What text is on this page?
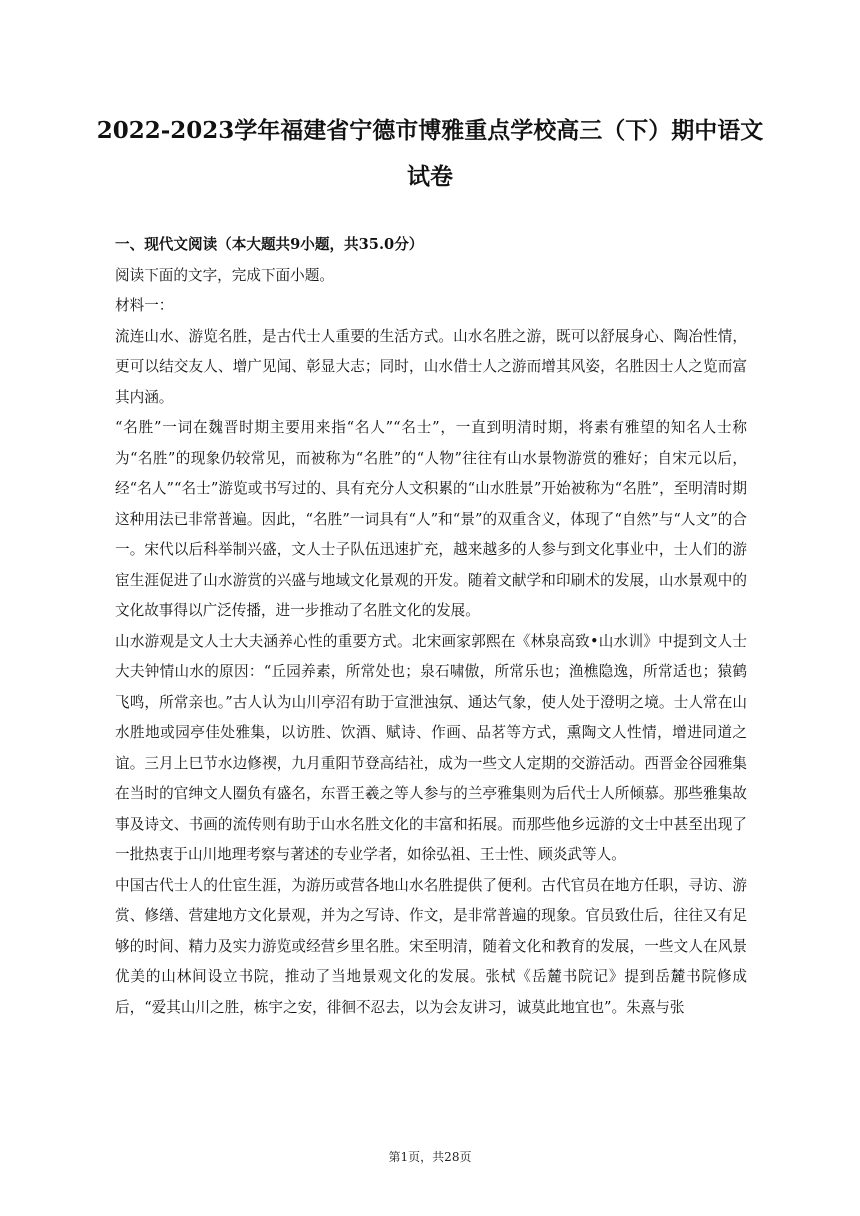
2022-2023学年福建省宁德市博雅重点学校高三（下）期中语文试卷

一、现代文阅读（本大题共9小题，共35.0分）

阅读下面的文字，完成下面小题。

材料一：

流连山水、游览名胜，是古代士人重要的生活方式。山水名胜之游，既可以舒展身心、陶冶性情，更可以结交友人、增广见闻、彰显大志；同时，山水借士人之游而增其风姿，名胜因士人之览而富其内涵。

“名胜”一词在魏晋时期主要用来指“名人”“名士”，一直到明清时期，将素有雅望的知名人士称为“名胜”的现象仍较常见，而被称为“名胜”的“人物”往往有山水景物游赏的雅好；自宋元以后，经“名人”“名士”游览或书写过的、具有充分人文积累的“山水胜景”开始被称为“名胜”，至明清时期这种用法已非常普遍。因此，“名胜”一词具有“人”和“景”的双重含义，体现了“自然”与“人文”的合一。宋代以后科举制兴盛，文人士子队伍迅速扩充，越来越多的人参与到文化事业中，士人们的游宦生涯促进了山水游赏的兴盛与地域文化景观的开发。随着文献学和印刷术的发展，山水景观中的文化故事得以广泛传播，进一步推动了名胜文化的发展。

山水游观是文人士大夫涵养心性的重要方式。北宋画家郭熙在《林泉高致•山水训》中提到文人士大夫钟情山水的原因：“丘园养素，所常处也；泉石啸傲，所常乐也；渔樵隐逸，所常适也；猿鹤飞鸣，所常亲也。”古人认为山川亭沼有助于宣泄浊氛、通达气象，使人处于澄明之境。士人常在山水胜地或园亭佳处雅集，以访胜、饮酒、赋诗、作画、品茗等方式，熏陶文人性情，增进同道之谊。三月上巳节水边修禊，九月重阳节登高结社，成为一些文人定期的交游活动。西晋金谷园雅集在当时的官绅文人圈负有盛名，东晋王羲之等人参与的兰亭雅集则为后代士人所倾慕。那些雅集故事及诗文、书画的流传则有助于山水名胜文化的丰富和拓展。而那些他乡远游的文士中甚至出现了一批热衷于山川地理考察与著述的专业学者，如徐弘祖、王士性、顾炎武等人。

中国古代士人的仕宦生涯，为游历或营各地山水名胜提供了便利。古代官员在地方任职，寻访、游赏、修缮、营建地方文化景观，并为之写诗、作文，是非常普遍的现象。官员致仕后，往往又有足够的时间、精力及实力游览或经营乡里名胜。宋至明清，随着文化和教育的发展，一些文人在风景优美的山林间设立书院，推动了当地景观文化的发展。张栻《岳麓书院记》提到岳麓书院修成后，“爱其山川之胜，栋宇之安，徘徊不忍去，以为会友讲习，诚莫此地宜也”。朱熹与张

第1页，共28页
